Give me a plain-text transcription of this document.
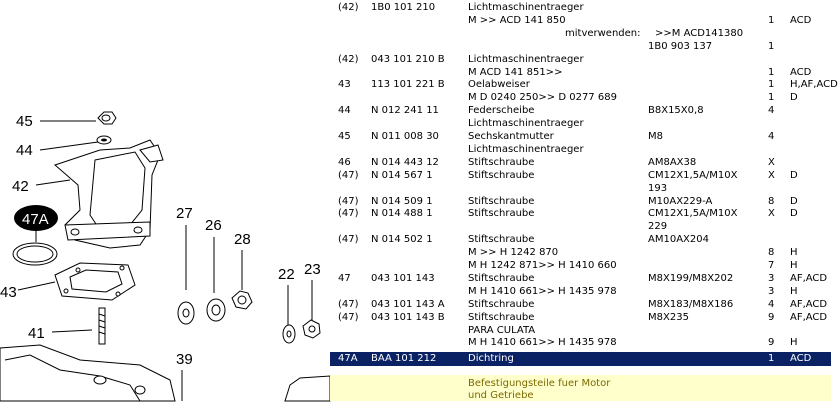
45
44
42
47A
43
41
27
26
28
22 23
39
(42) 1B0 101 210	Lichtmaschinentraeger
M >> ACD 141 850	1 ACD
mitverwenden: >>M ACD141380
1B0 903 137	1
(42) 043 101 210 B Lichtmaschinentraeger
M ACD 141 851>>	1 ACD
43 113 101 221 B Oelabweiser	1 H,AF,ACD
M D 0240 250>> D 0277 689	1 D
44 N 012 241 11	Federscheibe	B8X15X0,8	4
Lichtmaschinentraeger
45 N 011 008 30	Sechskantmutter	M8	4
Lichtmaschinentraeger
46 N 014 443 12	Stiftschraube	AM8AX38	X
(47) N 014 567 1	Stiftschraube	CM12X1,5A/M10X	X D
193
(47) N 014 509 1	Stiftschraube	M10AX229-A	8 D
(47) N 014 488 1	Stiftschraube	CM12X1,5A/M10X	X D
229
(47) N 014 502 1	Stiftschraube	AM10AX204
M >> H 1242 870	8 H
M H 1242 871>> H 1410 660	7 H
47 043 101 143	Stiftschraube	M8X199/M8X202	3 AF,ACD
M H 1410 661>> H 1435 978	3 H
(47) 043 101 143 A Stiftschraube	M8X183/M8X186	4 AF,ACD
(47) 043 101 143 B Stiftschraube	M8X235	9 AF,ACD
PARA CULATA
M H 1410 661>> H 1435 978	9 H
47A BAA 101 212	Dichtring	1 ACD
Befestigungsteile fuer Motor
und Getriebe
